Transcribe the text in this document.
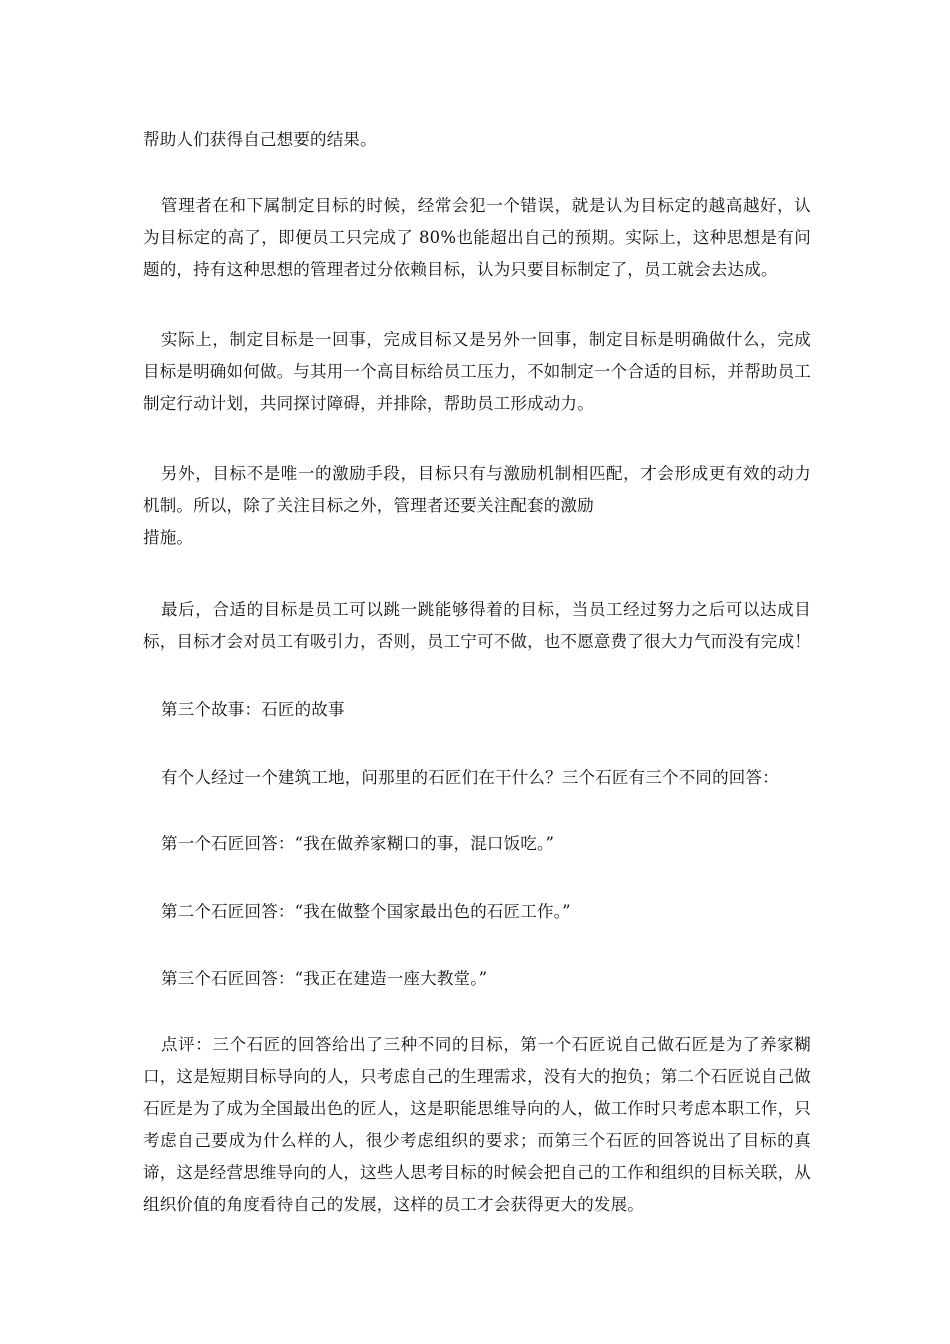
帮助人们获得自己想要的结果。

管理者在和下属制定目标的时候，经常会犯一个错误，就是认为目标定的越高越好，认为目标定的高了，即便员工只完成了 80%也能超出自己的预期。实际上，这种思想是有问题的，持有这种思想的管理者过分依赖目标，认为只要目标制定了，员工就会去达成。

实际上，制定目标是一回事，完成目标又是另外一回事，制定目标是明确做什么，完成目标是明确如何做。与其用一个高目标给员工压力，不如制定一个合适的目标，并帮助员工制定行动计划，共同探讨障碍，并排除，帮助员工形成动力。

另外，目标不是唯一的激励手段，目标只有与激励机制相匹配，才会形成更有效的动力机制。所以，除了关注目标之外，管理者还要关注配套的激励
措施。

最后，合适的目标是员工可以跳一跳能够得着的目标，当员工经过努力之后可以达成目标，目标才会对员工有吸引力，否则，员工宁可不做，也不愿意费了很大力气而没有完成！

第三个故事：石匠的故事

有个人经过一个建筑工地，问那里的石匠们在干什么？三个石匠有三个不同的回答：

第一个石匠回答：“我在做养家糊口的事，混口饭吃。”

第二个石匠回答：“我在做整个国家最出色的石匠工作。”

第三个石匠回答：“我正在建造一座大教堂。”

点评：三个石匠的回答给出了三种不同的目标，第一个石匠说自己做石匠是为了养家糊口，这是短期目标导向的人，只考虑自己的生理需求，没有大的抱负；第二个石匠说自己做石匠是为了成为全国最出色的匠人，这是职能思维导向的人，做工作时只考虑本职工作，只考虑自己要成为什么样的人，很少考虑组织的要求；而第三个石匠的回答说出了目标的真谛，这是经营思维导向的人，这些人思考目标的时候会把自己的工作和组织的目标关联，从组织价值的角度看待自己的发展，这样的员工才会获得更大的发展。
